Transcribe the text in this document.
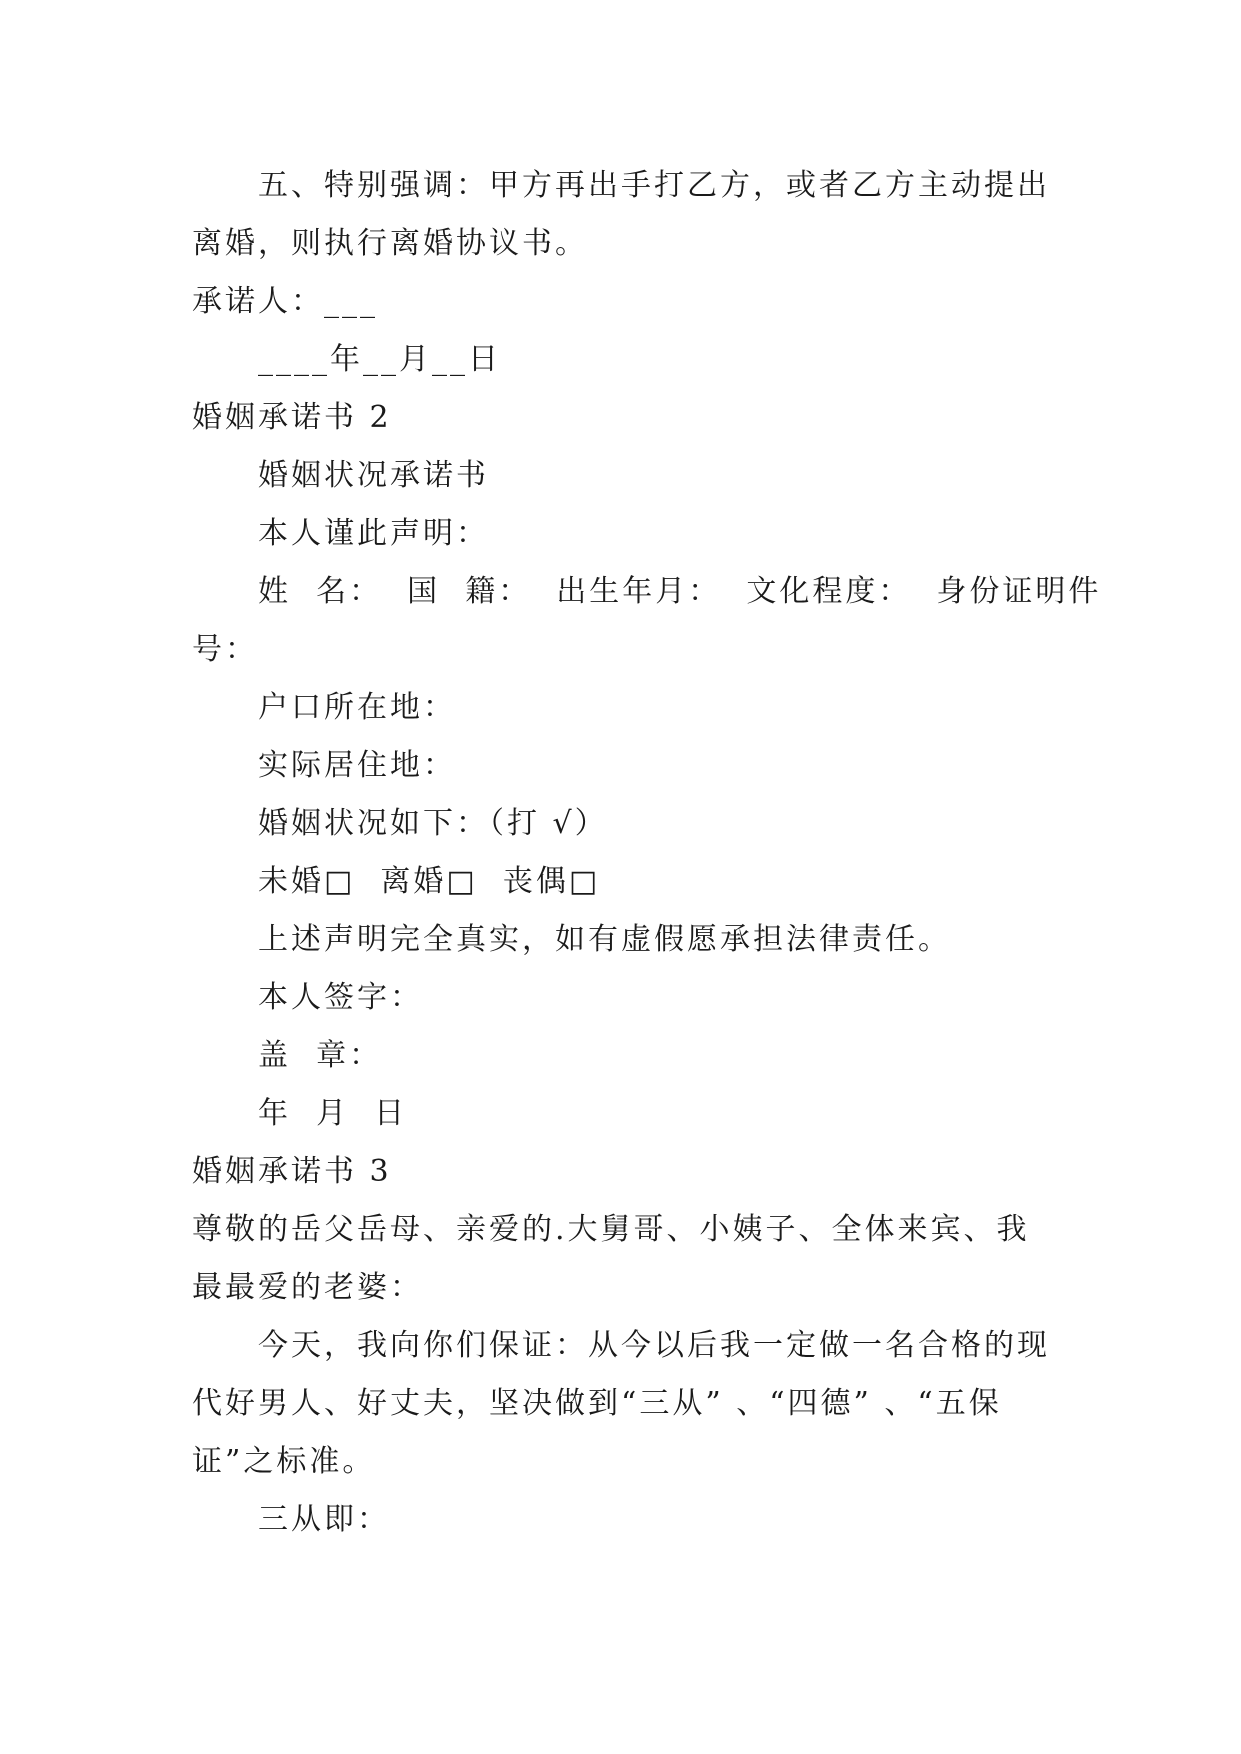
五、特别强调：甲方再出手打乙方，或者乙方主动提出
离婚，则执行离婚协议书。
承诺人：___
____年__月__日
婚姻承诺书 2
婚姻状况承诺书
本人谨此声明：
姓  名：  国  籍：  出生年月：  文化程度：  身份证明件
号：
户口所在地：
实际居住地：
婚姻状况如下：（打 √）
未婚□  离婚□  丧偶□
上述声明完全真实，如有虚假愿承担法律责任。
本人签字：
盖  章：
年  月  日
婚姻承诺书 3
尊敬的岳父岳母、亲爱的.大舅哥、小姨子、全体来宾、我
最最爱的老婆：
今天，我向你们保证：从今以后我一定做一名合格的现
代好男人、好丈夫，坚决做到“三从” 、“四德” 、“五保
证”之标准。
三从即：
